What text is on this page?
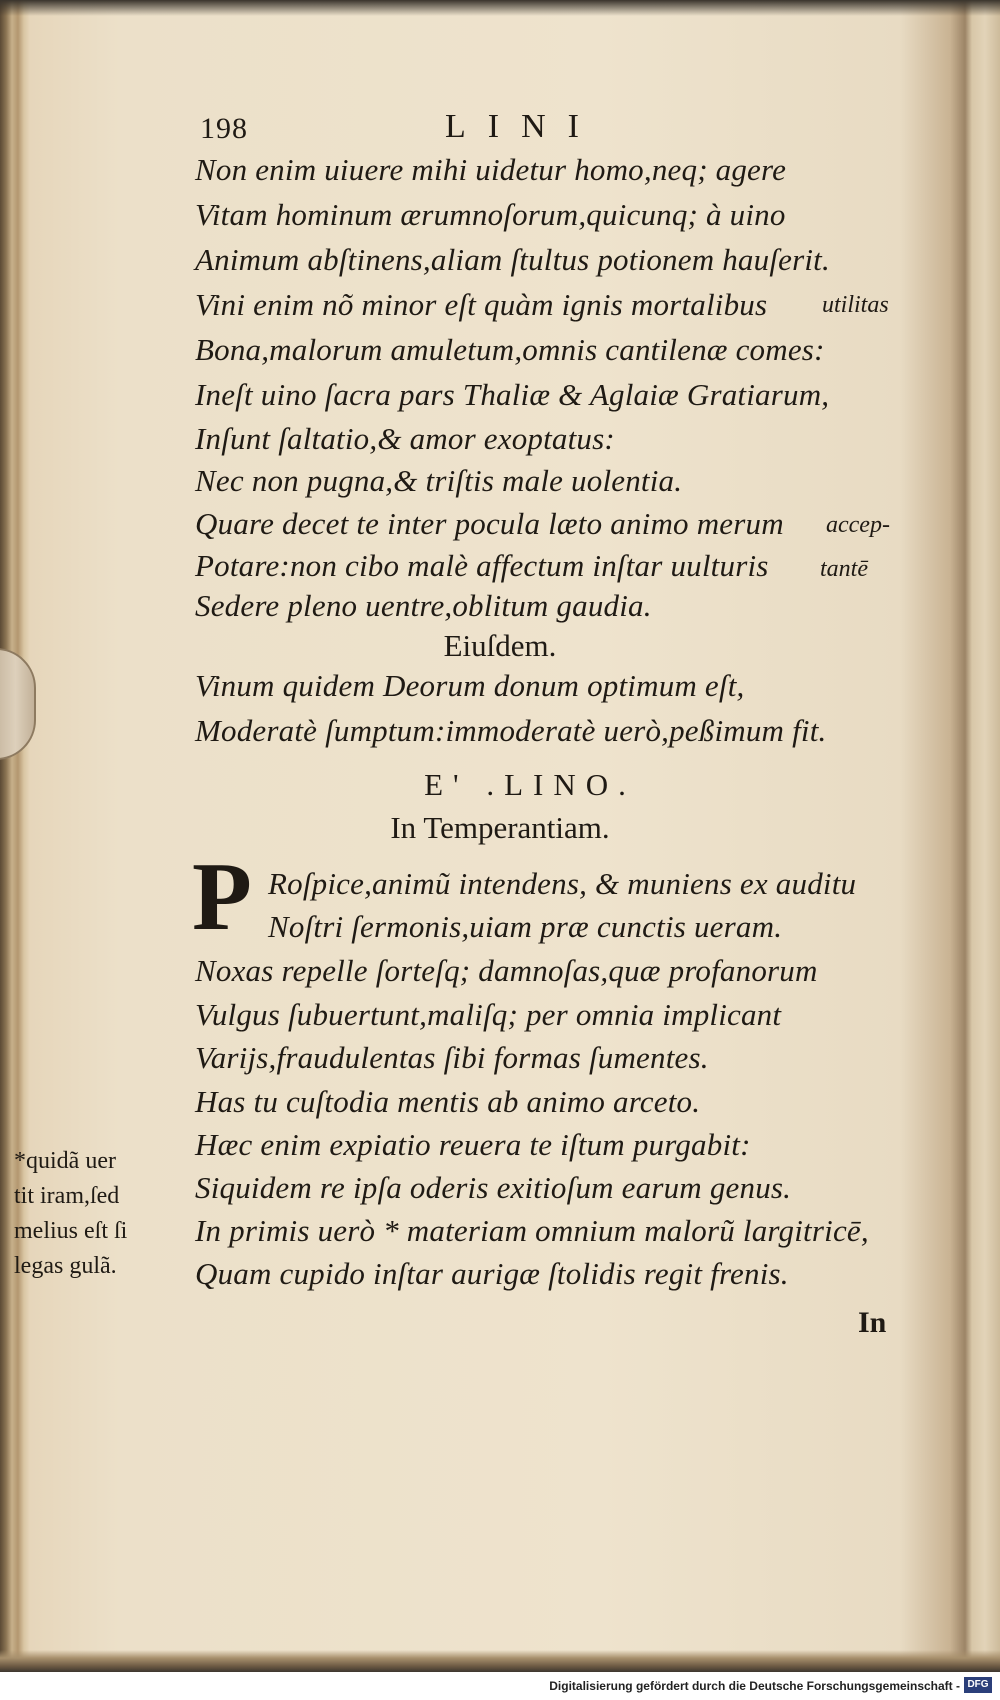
198	LINI
Non enim uiuere mihi uidetur homo,neq; agere
Vitam hominum ærumnoſorum,quicunq; à uino
Animum abſtinens,aliam ſtultus potionem hauſerit.
Vini enim nõ minor eſt quàm ignis mortalibus utilitas
Bona,malorum amuletum,omnis cantilenæ comes:
Ineſt uino ſacra pars Thaliæ & Aglaiæ Gratiarum,
Inſunt ſaltatio,& amor exoptatus:
Nec non pugna,& triſtis male uolentia.
Quare decet te inter pocula læto animo merum accep-
Potare:non cibo malè affectum inſtar uulturis tantē
Sedere pleno uentre,oblitum gaudia.
Eiuſdem.
Vinum quidem Deorum donum optimum eſt,
Moderatè ſumptum:immoderatè uerò,peßimum fit.
E' .LINO.
In Temperantiam.
P Roſpice,animũ intendens, & muniens ex auditu
Noſtri ſermonis,uiam præ cunctis ueram.
Noxas repelle ſorteſq; damnoſas,quæ profanorum
Vulgus ſubuertunt,maliſq; per omnia implicant
Varijs,fraudulentas ſibi formas ſumentes.
Has tu cuſtodia mentis ab animo arceto.
Hæc enim expiatio reuera te iſtum purgabit:
Siquidem re ipſa oderis exitioſum earum genus.
In primis uerò * materiam omnium malorũ largitricē,
Quam cupido inſtar aurigæ ſtolidis regit frenis.
*quidã uer
tit iram,ſed
melius eſt ſi
legas gulã.
In
Digitalisierung gefördert durch die Deutsche Forschungsgemeinschaft - DFG
